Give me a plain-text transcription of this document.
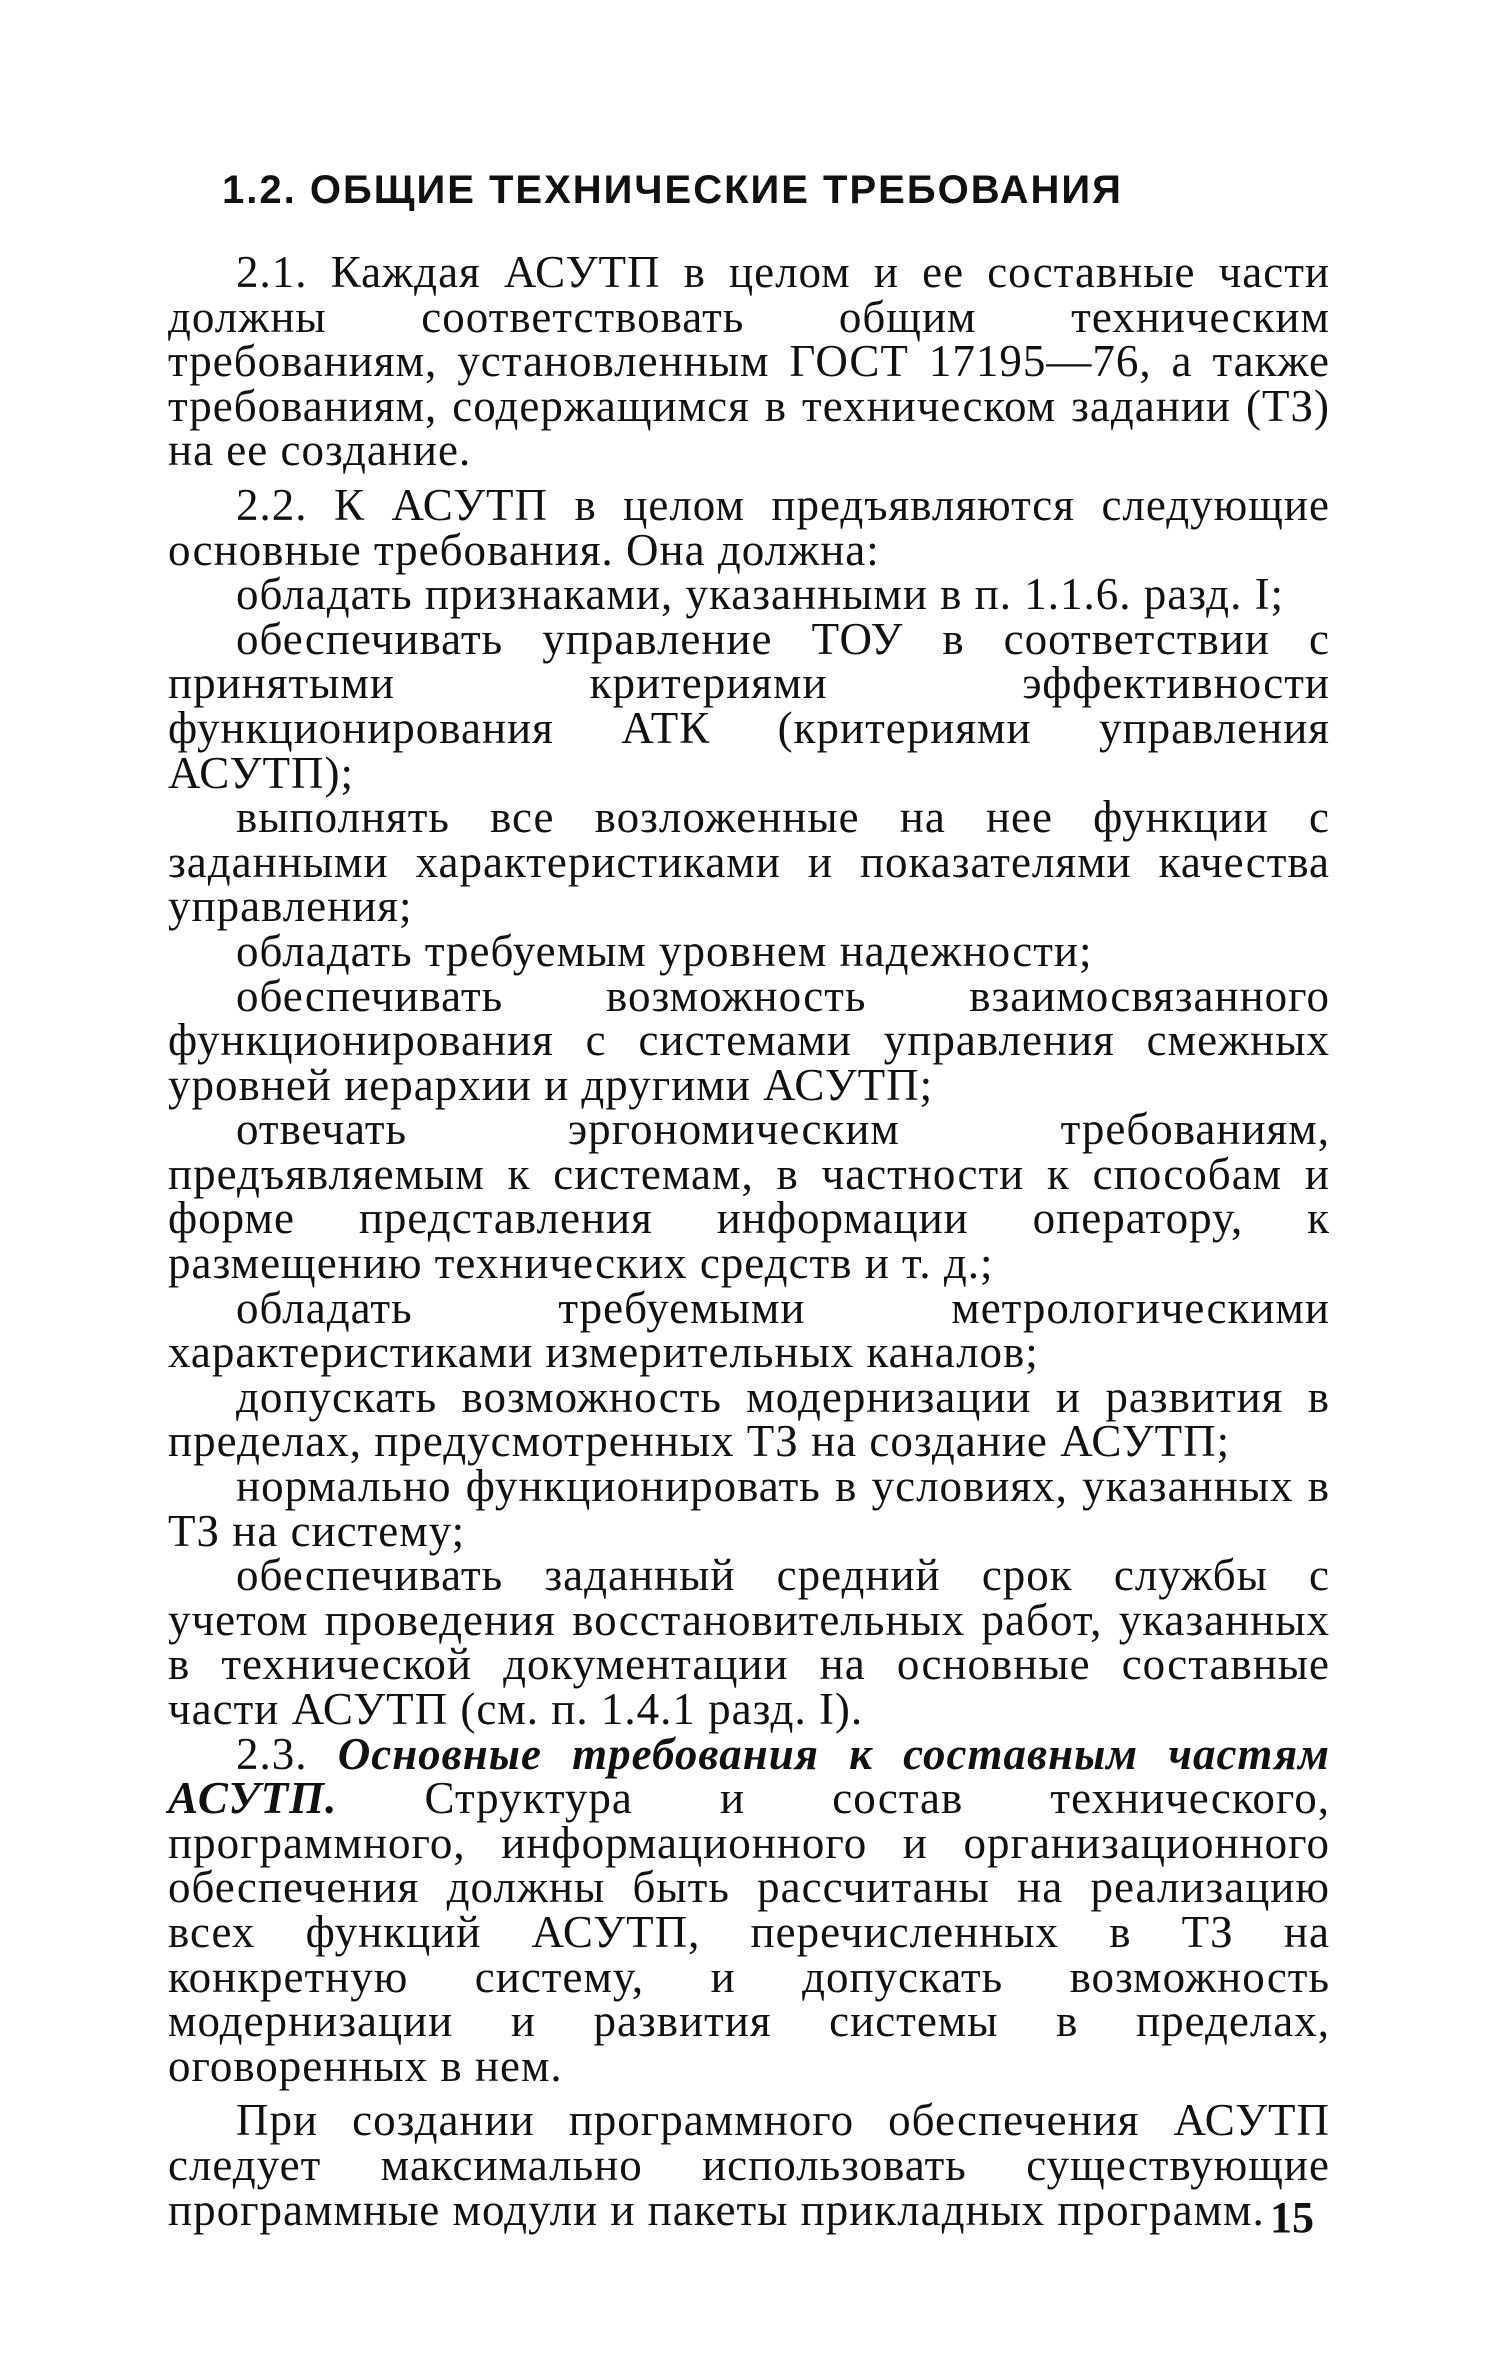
1.2. ОБЩИЕ ТЕХНИЧЕСКИЕ ТРЕБОВАНИЯ

2.1. Каждая АСУТП в целом и ее составные части должны соответствовать общим техническим требованиям, установленным ГОСТ 17195—76, а также требованиям, содержащимся в техническом задании (ТЗ) на ее создание.

2.2. К АСУТП в целом предъявляются следующие основные требования. Она должна:

обладать признаками, указанными в п. 1.1.6. разд. I;

обеспечивать управление ТОУ в соответствии с принятыми критериями эффективности функционирования АТК (критериями управления АСУТП);

выполнять все возложенные на нее функции с заданными характеристиками и показателями качества управления;

обладать требуемым уровнем надежности;

обеспечивать возможность взаимосвязанного функционирования с системами управления смежных уровней иерархии и другими АСУТП;

отвечать эргономическим требованиям, предъявляемым к системам, в частности к способам и форме представления информации оператору, к размещению технических средств и т. д.;

обладать требуемыми метрологическими характеристиками измерительных каналов;

допускать возможность модернизации и развития в пределах, предусмотренных ТЗ на создание АСУТП;

нормально функционировать в условиях, указанных в ТЗ на систему;

обеспечивать заданный средний срок службы с учетом проведения восстановительных работ, указанных в технической документации на основные составные части АСУТП (см. п. 1.4.1 разд. I).

2.3. Основные требования к составным частям АСУТП. Структура и состав технического, программного, информационного и организационного обеспечения должны быть рассчитаны на реализацию всех функций АСУТП, перечисленных в ТЗ на конкретную систему, и допускать возможность модернизации и развития системы в пределах, оговоренных в нем.

При создании программного обеспечения АСУТП следует максимально использовать существующие программные модули и пакеты прикладных программ. 15
